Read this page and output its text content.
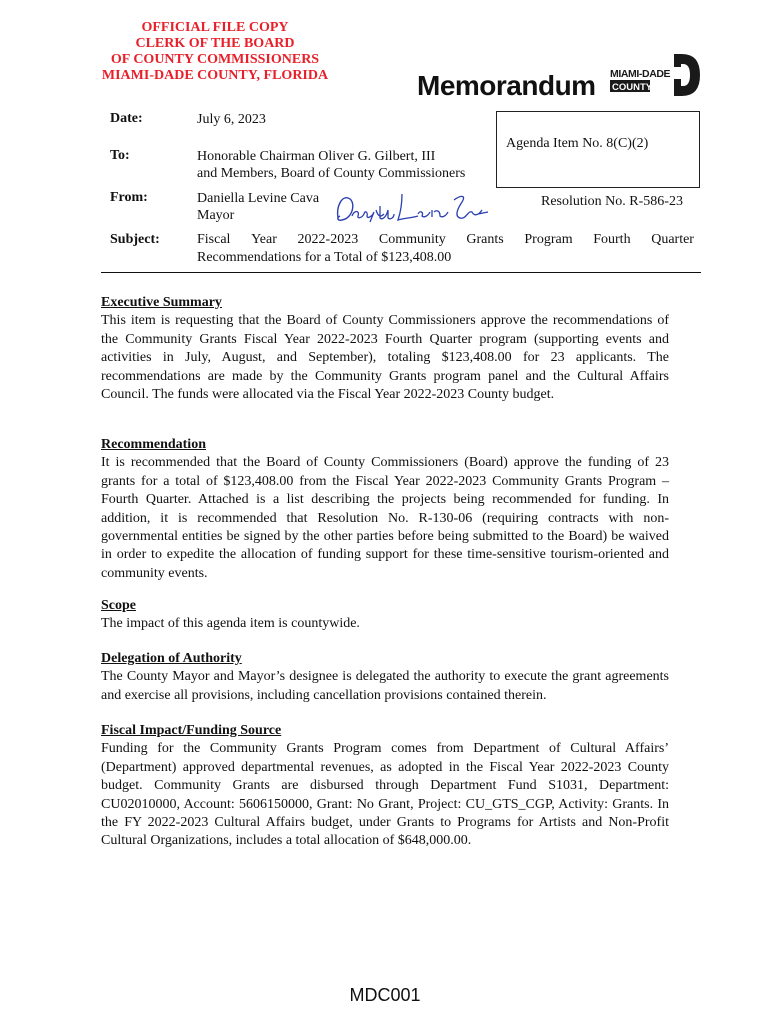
OFFICIAL FILE COPY
CLERK OF THE BOARD
OF COUNTY COMMISSIONERS
MIAMI-DADE COUNTY, FLORIDA	Memorandum MIAMI-DADE
COUNTY
Date:	July 6, 2023
To:	Honorable Chairman Oliver G. Gilbert, III
and Members, Board of County Commissioners
From:	Daniella Levine Cava
Mayor
Agenda Item No. 8(C)(2)
Resolution No. R-586-23
Subject:	Fiscal Year 2022-2023 Community Grants Program Fourth Quarter
Recommendations for a Total of $123,408.00
Executive Summary

This item is requesting that the Board of County Commissioners approve the recommendations of the Community Grants Fiscal Year 2022-2023 Fourth Quarter program (supporting events and activities in July, August, and September), totaling $123,408.00 for 23 applicants. The recommendations are made by the Community Grants program panel and the Cultural Affairs Council. The funds were allocated via the Fiscal Year 2022-2023 County budget.

Recommendation

It is recommended that the Board of County Commissioners (Board) approve the funding of 23 grants for a total of $123,408.00 from the Fiscal Year 2022-2023 Community Grants Program – Fourth Quarter. Attached is a list describing the projects being recommended for funding. In addition, it is recommended that Resolution No. R-130-06 (requiring contracts with non-governmental entities be signed by the other parties before being submitted to the Board) be waived in order to expedite the allocation of funding support for these time-sensitive tourism-oriented and community events.

Scope

The impact of this agenda item is countywide.

Delegation of Authority

The County Mayor and Mayor’s designee is delegated the authority to execute the grant agreements and exercise all provisions, including cancellation provisions contained therein.

Fiscal Impact/Funding Source

Funding for the Community Grants Program comes from Department of Cultural Affairs’ (Department) approved departmental revenues, as adopted in the Fiscal Year 2022-2023 County budget. Community Grants are disbursed through Department Fund S1031, Department: CU02010000, Account: 5606150000, Grant: No Grant, Project: CU_GTS_CGP, Activity: Grants. In the FY 2022-2023 Cultural Affairs budget, under Grants to Programs for Artists and Non-Profit Cultural Organizations, includes a total allocation of $648,000.00.

MDC001
